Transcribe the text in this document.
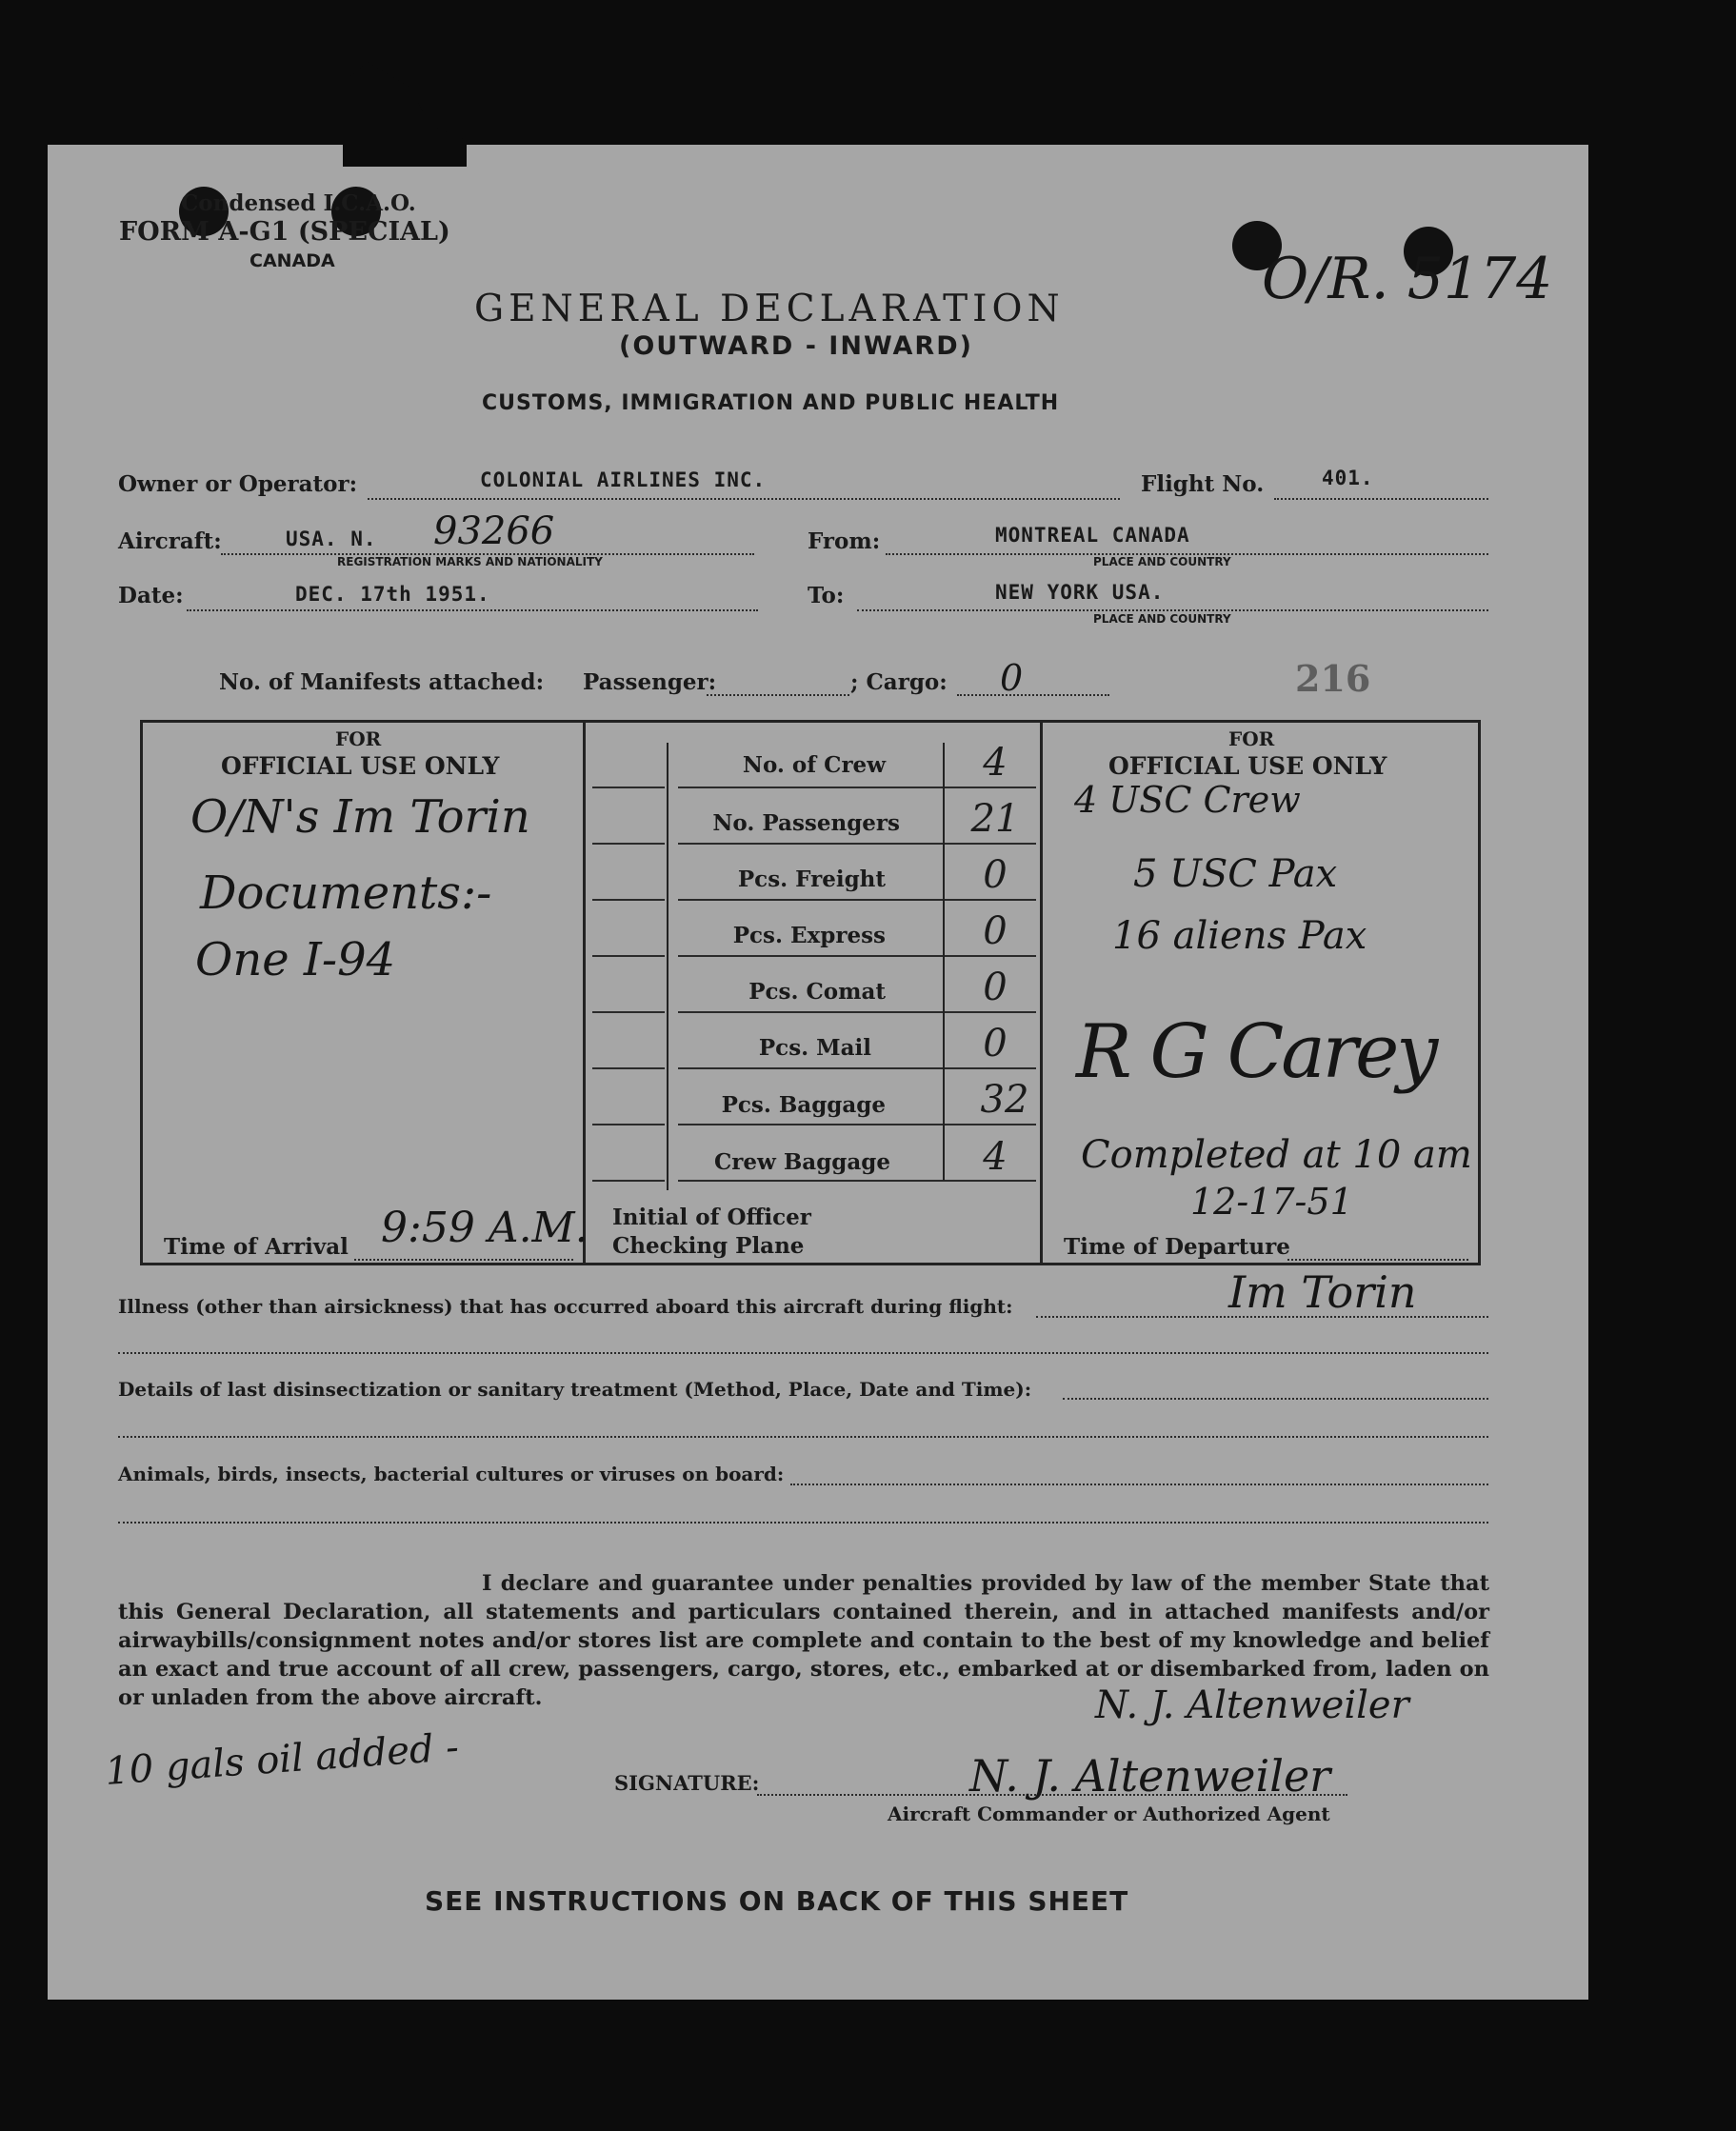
Condensed I.C.A.O.
FORM A-G1 (SPECIAL)
CANADA	O/R. 5174
GENERAL DECLARATION
(OUTWARD - INWARD)
CUSTOMS, IMMIGRATION AND PUBLIC HEALTH
Owner or Operator:	COLONIAL AIRLINES INC.	Flight No.	401.
Aircraft:	USA. N. 93266
REGISTRATION MARKS AND NATIONALITY
From:	MONTREAL CANADA
PLACE AND COUNTRY
Date:	DEC. 17th 1951.	To:	NEW YORK USA.
PLACE AND COUNTRY
No. of Manifests attached: Passenger:	; Cargo: 0	216
FOR
OFFICIAL USE ONLY
O/N's Im Torin
Documents:-
One I-94
Time of Arrival 9:59 A.M.
No. of Crew	4
No. Passengers	21
Pcs. Freight	0
Pcs. Express	0
Pcs. Comat	0
Pcs. Mail	0
Pcs. Baggage	32
Crew Baggage	4
Initial of Officer
Checking Plane
FOR
OFFICIAL USE ONLY
4 USC Crew
5 USC Pax
16 aliens Pax
R G Carey
Completed at 10 am
12-17-51
Time of Departure
Illness (other than airsickness) that has occurred aboard this aircraft during flight:	Im Torin
Details of last disinsectization or sanitary treatment (Method, Place, Date and Time):
Animals, birds, insects, bacterial cultures or viruses on board:
I declare and guarantee under penalties provided by law of the member State that this General Declaration, all statements and particulars contained therein, and in attached manifests and/or airwaybills/consignment notes and/or stores list are complete and contain to the best of my knowledge and belief an exact and true account of all crew, passengers, cargo, stores, etc., embarked at or disembarked from, laden on or unladen from the above aircraft.
10 gals oil added -
N. J. Altenweiler
SIGNATURE:	N. J. Altenweiler
Aircraft Commander or Authorized Agent
SEE INSTRUCTIONS ON BACK OF THIS SHEET
